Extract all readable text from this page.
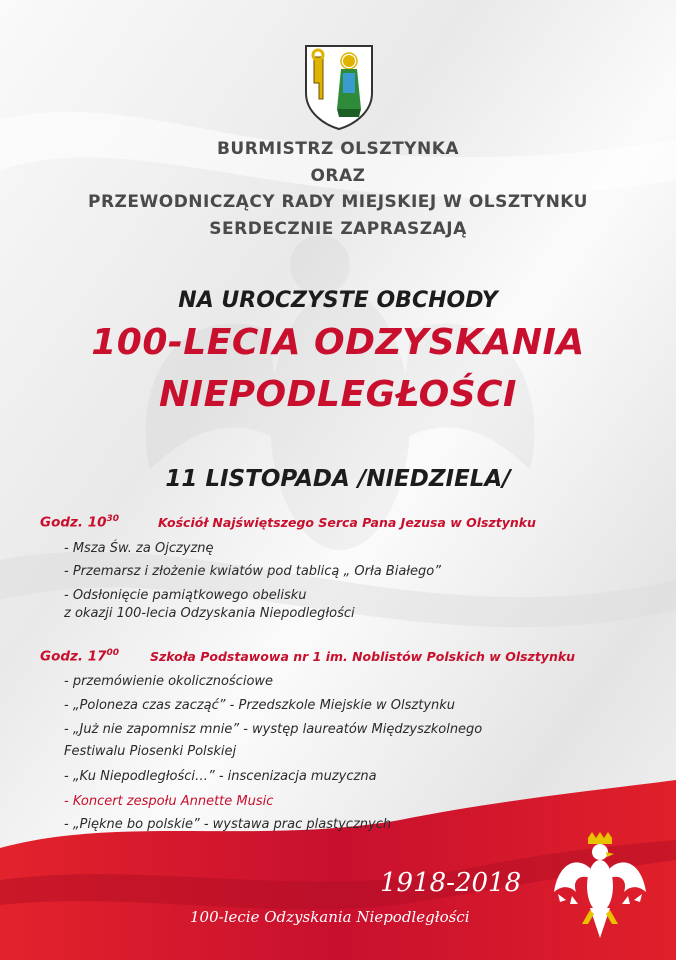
BURMISTRZ OLSZTYNKA
ORAZ
PRZEWODNICZĄCY RADY MIEJSKIEJ W OLSZTYNKU
SERDECZNIE ZAPRASZAJĄ
NA UROCZYSTE OBCHODY
100-LECIA ODZYSKANIA
NIEPODLEGŁOŚCI
11 LISTOPADA /NIEDZIELA/
Godz. $10^{30}$	Kościół Najświętszego Serca Pana Jezusa w Olsztynku
- Msza Św. za Ojczyznę
- Przemarsz i złożenie kwiatów pod tablicą „ Orła Białego”
- Odsłonięcie pamiątkowego obelisku
z okazji 100-lecia Odzyskania Niepodległości
Godz. $17^{00}$ Szkoła Podstawowa nr 1 im. Noblistów Polskich w Olsztynku
- przemówienie okolicznościowe
- „Poloneza czas zacząć” - Przedszkole Miejskie w Olsztynku
- „Już nie zapomnisz mnie” - występ laureatów Międzyszkolnego
Festiwalu Piosenki Polskiej
- „Ku Niepodległości…” - inscenizacja muzyczna
- Koncert zespołu Annette Music
- „Piękne bo polskie” - wystawa prac plastycznych
1918-2018
100-lecie Odzyskania Niepodległości
